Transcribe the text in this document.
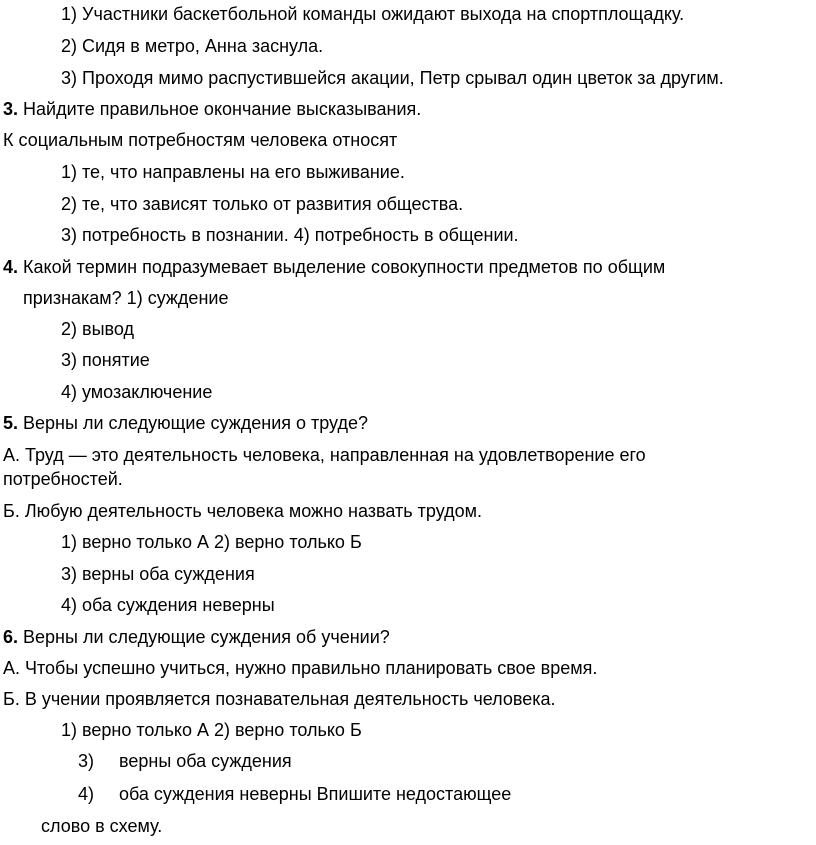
1) Участники баскетбольной команды ожидают выхода на спортплощадку.
2) Сидя в метро, Анна заснула.
3) Проходя мимо распустившейся акации, Петр срывал один цветок за другим.
3. Найдите правильное окончание высказывания.
К социальным потребностям человека относят
1) те, что направлены на его выживание.
2) те, что зависят только от развития общества.
3) потребность в познании. 4) потребность в общении.
4. Какой термин подразумевает выделение совокупности предметов по общим
признакам? 1) суждение
2) вывод
3) понятие
4) умозаключение
5. Верны ли следующие суждения о труде?
А. Труд — это деятельность человека, направленная на удовлетворение его
потребностей.
Б. Любую деятельность человека можно назвать трудом.
1) верно только А 2) верно только Б
3) верны оба суждения
4) оба суждения неверны
6. Верны ли следующие суждения об учении?
А. Чтобы успешно учиться, нужно правильно планировать свое время.
Б. В учении проявляется познавательная деятельность человека.
1) верно только А 2) верно только Б
3) верны оба суждения
4) оба суждения неверны Впишите недостающее
слово в схему.
